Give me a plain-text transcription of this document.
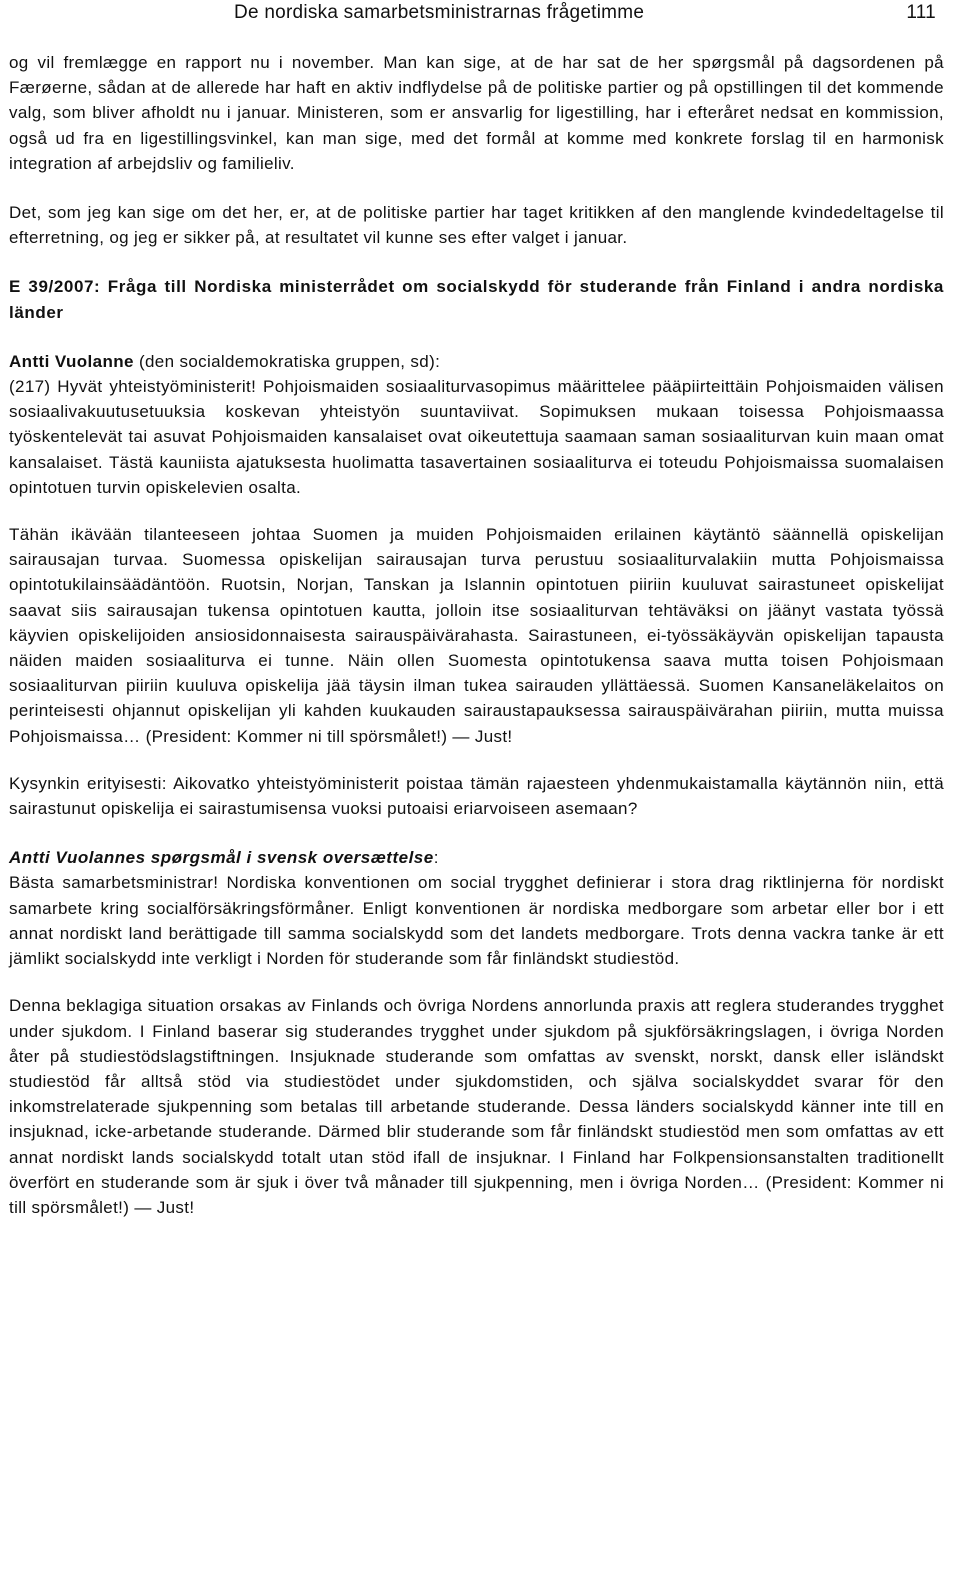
De nordiska samarbetsministrarnas frågetimme	111

og vil fremlægge en rapport nu i november. Man kan sige, at de har sat de her spørgsmål på dagsordenen på Færøerne, sådan at de allerede har haft en aktiv indflydelse på de politiske partier og på opstillingen til det kommende valg, som bliver afholdt nu i januar. Ministeren, som er ansvarlig for ligestilling, har i efteråret nedsat en kommission, også ud fra en ligestillingsvinkel, kan man sige, med det formål at komme med konkrete forslag til en harmonisk integration af arbejdsliv og familieliv.

Det, som jeg kan sige om det her, er, at de politiske partier har taget kritikken af den manglende kvindedeltagelse til efterretning, og jeg er sikker på, at resultatet vil kunne ses efter valget i januar.

E 39/2007: Fråga till Nordiska ministerrådet om socialskydd för studerande från Finland i andra nordiska länder

Antti Vuolanne (den socialdemokratiska gruppen, sd):

(217) Hyvät yhteistyöministerit! Pohjoismaiden sosiaaliturvasopimus määrittelee pääpiirteittäin Pohjoismaiden välisen sosiaalivakuutusetuuksia koskevan yhteistyön suuntaviivat. Sopimuksen mukaan toisessa Pohjoismaassa työskentelevät tai asuvat Pohjoismaiden kansalaiset ovat oikeutettuja saamaan saman sosiaaliturvan kuin maan omat kansalaiset. Tästä kauniista ajatuksesta huolimatta tasavertainen sosiaaliturva ei toteudu Pohjoismaissa suomalaisen opintotuen turvin opiskelevien osalta.

Tähän ikävään tilanteeseen johtaa Suomen ja muiden Pohjoismaiden erilainen käytäntö säännellä opiskelijan sairausajan turvaa. Suomessa opiskelijan sairausajan turva perustuu sosiaaliturvalakiin mutta Pohjoismaissa opintotukilainsäädäntöön. Ruotsin, Norjan, Tanskan ja Islannin opintotuen piiriin kuuluvat sairastuneet opiskelijat saavat siis sairausajan tukensa opintotuen kautta, jolloin itse sosiaaliturvan tehtäväksi on jäänyt vastata työssä käyvien opiskelijoiden ansiosidonnaisesta sairauspäivärahasta. Sairastuneen, ei-työssäkäyvän opiskelijan tapausta näiden maiden sosiaaliturva ei tunne. Näin ollen Suomesta opintotukensa saava mutta toisen Pohjoismaan sosiaaliturvan piiriin kuuluva opiskelija jää täysin ilman tukea sairauden yllättäessä. Suomen Kansaneläkelaitos on perinteisesti ohjannut opiskelijan yli kahden kuukauden sairaustapauksessa sairauspäivärahan piiriin, mutta muissa Pohjoismaissa… (President: Kommer ni till spörsmålet!) — Just!

Kysynkin erityisesti: Aikovatko yhteistyöministerit poistaa tämän rajaesteen yhdenmukaistamalla käytännön niin, että sairastunut opiskelija ei sairastumisensa vuoksi putoaisi eriarvoiseen asemaan?

Antti Vuolannes spørgsmål i svensk oversættelse:

Bästa samarbetsministrar! Nordiska konventionen om social trygghet definierar i stora drag riktlinjerna för nordiskt samarbete kring socialförsäkringsförmåner. Enligt konventionen är nordiska medborgare som arbetar eller bor i ett annat nordiskt land berättigade till samma socialskydd som det landets medborgare. Trots denna vackra tanke är ett jämlikt socialskydd inte verkligt i Norden för studerande som får finländskt studiestöd.

Denna beklagiga situation orsakas av Finlands och övriga Nordens annorlunda praxis att reglera studerandes trygghet under sjukdom. I Finland baserar sig studerandes trygghet under sjukdom på sjukförsäkringslagen, i övriga Norden åter på studiestödslagstiftningen. Insjuknade studerande som omfattas av svenskt, norskt, dansk eller isländskt studiestöd får alltså stöd via studiestödet under sjukdomstiden, och själva socialskyddet svarar för den inkomstrelaterade sjukpenning som betalas till arbetande studerande. Dessa länders socialskydd känner inte till en insjuknad, icke-arbetande studerande. Därmed blir studerande som får finländskt studiestöd men som omfattas av ett annat nordiskt lands socialskydd totalt utan stöd ifall de insjuknar. I Finland har Folkpensionsanstalten traditionellt överfört en studerande som är sjuk i över två månader till sjukpenning, men i övriga Norden… (President: Kommer ni till spörsmålet!) — Just!
